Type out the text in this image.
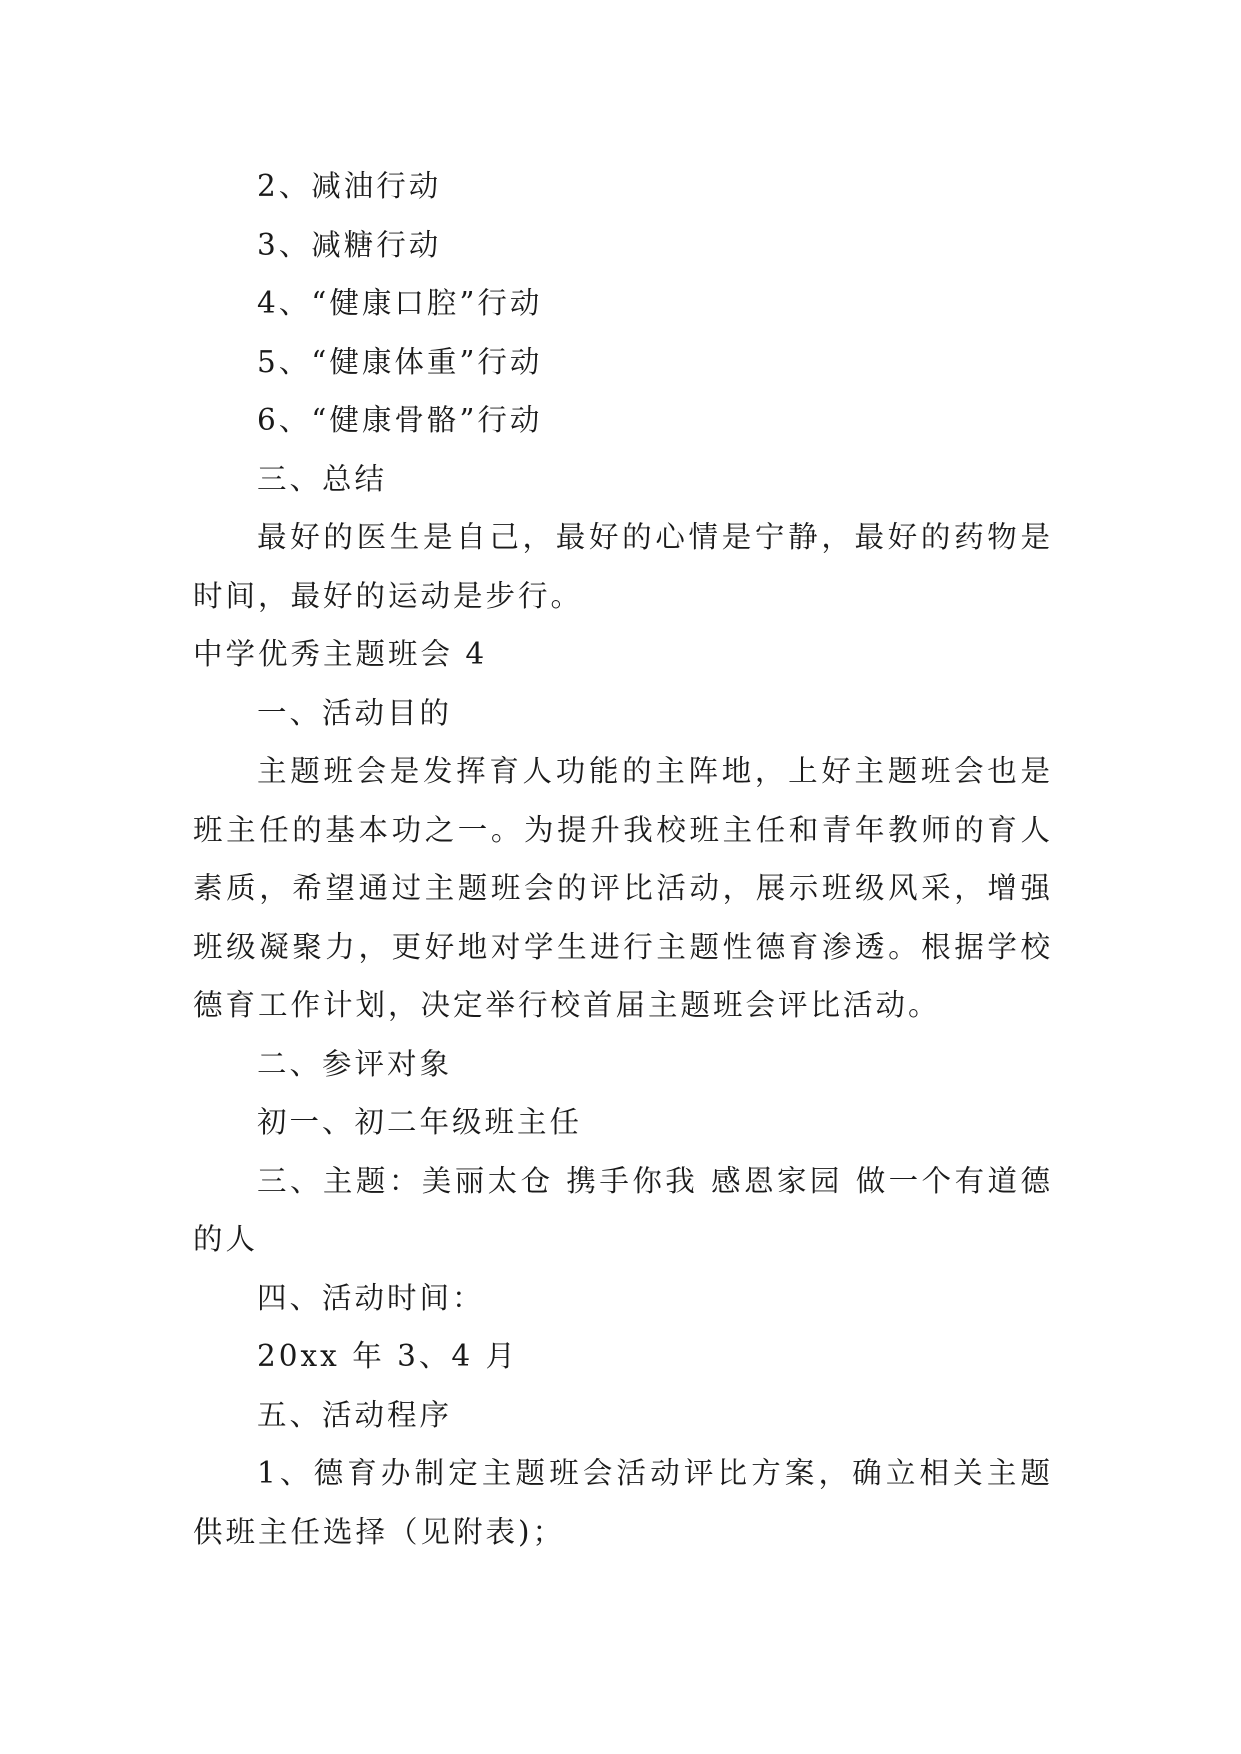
2、减油行动

3、减糖行动

4、“健康口腔”行动

5、“健康体重”行动

6、“健康骨骼”行动

三、总结

最好的医生是自己，最好的心情是宁静，最好的药物是时间，最好的运动是步行。

中学优秀主题班会 4

一、活动目的

主题班会是发挥育人功能的主阵地，上好主题班会也是班主任的基本功之一。为提升我校班主任和青年教师的育人素质，希望通过主题班会的评比活动，展示班级风采，增强班级凝聚力，更好地对学生进行主题性德育渗透。根据学校德育工作计划，决定举行校首届主题班会评比活动。

二、参评对象

初一、初二年级班主任

三、主题：美丽太仓 携手你我 感恩家园 做一个有道德的人

四、活动时间：

20xx 年 3、4 月

五、活动程序

1、德育办制定主题班会活动评比方案，确立相关主题供班主任选择（见附表)；
